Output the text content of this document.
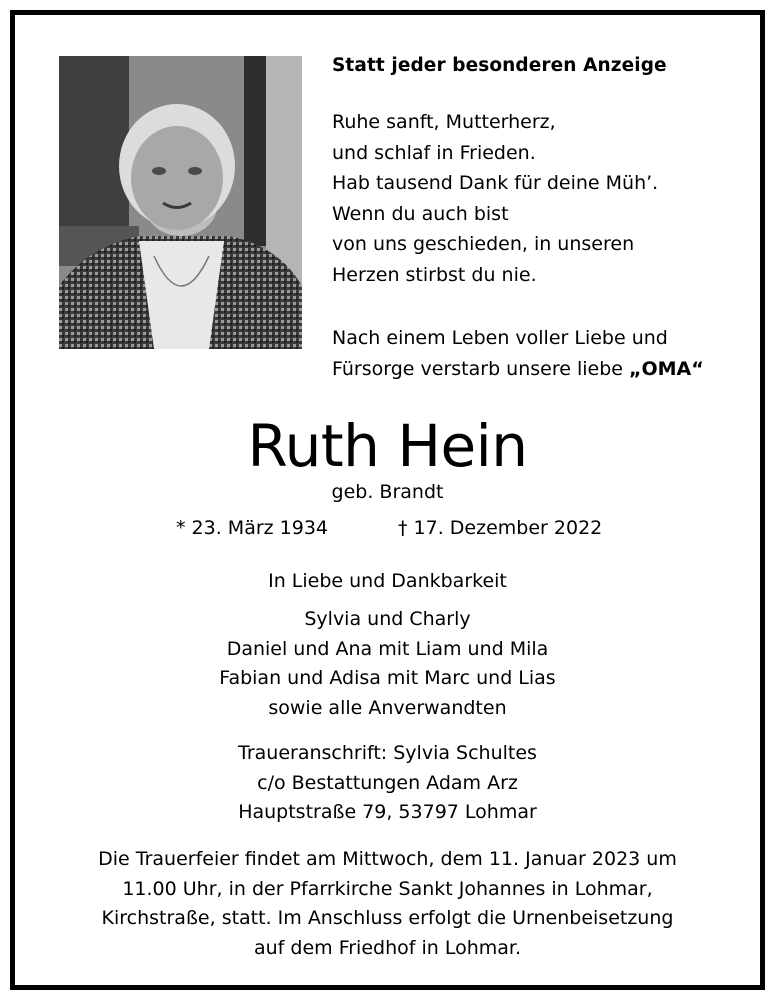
Statt jeder besonderen Anzeige
Ruhe sanft, Mutterherz,
und schlaf in Frieden.
Hab tausend Dank für deine Müh’.
Wenn du auch bist
von uns geschieden, in unseren
Herzen stirbst du nie.
Nach einem Leben voller Liebe und
Fürsorge verstarb unsere liebe „OMA“
Ruth Hein
geb. Brandt
* 23. März 1934	† 17. Dezember 2022
In Liebe und Dankbarkeit
Sylvia und Charly
Daniel und Ana mit Liam und Mila
Fabian und Adisa mit Marc und Lias
sowie alle Anverwandten
Traueranschrift: Sylvia Schultes
c/o Bestattungen Adam Arz
Hauptstraße 79, 53797 Lohmar
Die Trauerfeier findet am Mittwoch, dem 11. Januar 2023 um
11.00 Uhr, in der Pfarrkirche Sankt Johannes in Lohmar,
Kirchstraße, statt. Im Anschluss erfolgt die Urnenbeisetzung
auf dem Friedhof in Lohmar.
